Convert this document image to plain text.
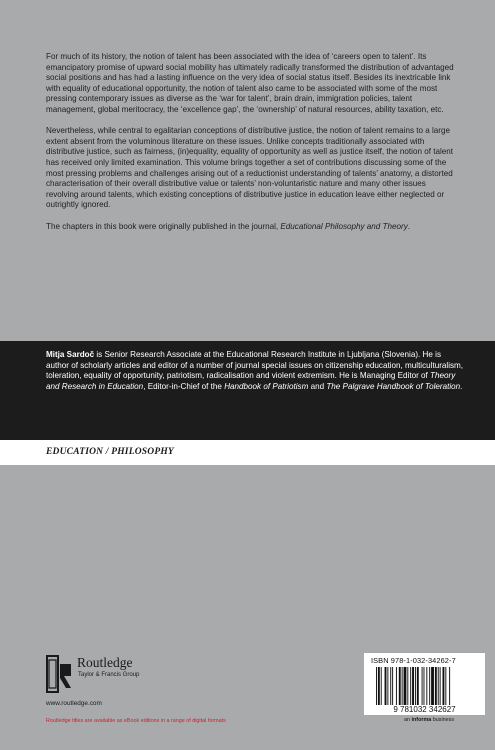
For much of its history, the notion of talent has been associated with the idea of ‘careers open to talent’. Its emancipatory promise of upward social mobility has ultimately radically transformed the distribution of advantaged social positions and has had a lasting influence on the very idea of social status itself. Besides its inextricable link with equality of educational opportunity, the notion of talent also came to be associated with some of the most pressing contemporary issues as diverse as the ‘war for talent’, brain drain, immigration policies, talent management, global meritocracy, the ‘excellence gap’, the ‘ownership’ of natural resources, ability taxation, etc.

Nevertheless, while central to egalitarian conceptions of distributive justice, the notion of talent remains to a large extent absent from the voluminous literature on these issues. Unlike concepts traditionally associated with distributive justice, such as fairness, (in)equality, equality of opportunity as well as justice itself, the notion of talent has received only limited examination. This volume brings together a set of contributions discussing some of the most pressing problems and challenges arising out of a reductionist understanding of talents’ anatomy, a distorted characterisation of their overall distributive value or talents’ non-voluntaristic nature and many other issues revolving around talents, which existing conceptions of distributive justice in education leave either neglected or outrightly ignored.

The chapters in this book were originally published in the journal, Educational Philosophy and Theory.

Mitja Sardoč is Senior Research Associate at the Educational Research Institute in Ljubljana (Slovenia). He is author of scholarly articles and editor of a number of journal special issues on citizenship education, multiculturalism, toleration, equality of opportunity, patriotism, radicalisation and violent extremism. He is Managing Editor of Theory and Research in Education, Editor-in-Chief of the Handbook of Patriotism and The Palgrave Handbook of Toleration.

EDUCATION / PHILOSOPHY
Routledge
Taylor & Francis Group
www.routledge.com
Routledge titles are available as eBook editions in a range of digital formats
ISBN 978-1-032-34262-7
9 781032 342627
an informa business
